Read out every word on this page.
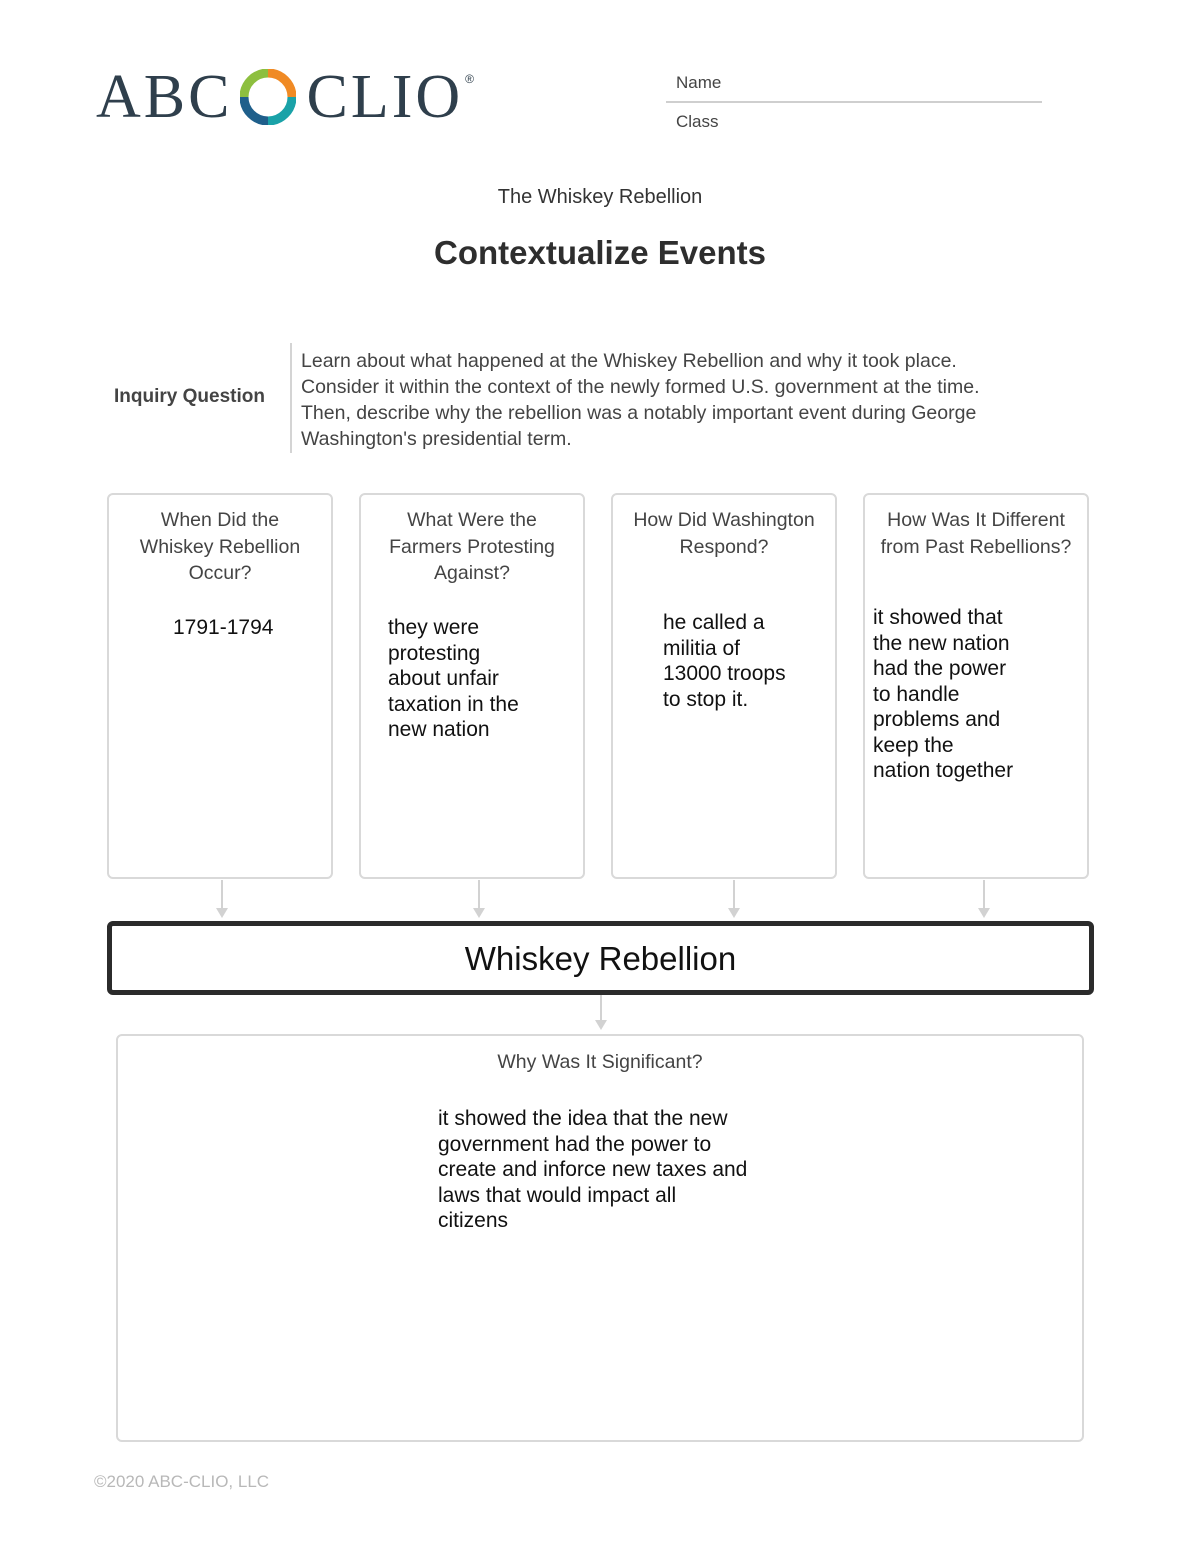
ABC CLIO ®	Name
Class
The Whiskey Rebellion
Contextualize Events
Inquiry Question
Learn about what happened at the Whiskey Rebellion and why it took place.
Consider it within the context of the newly formed U.S. government at the time.
Then, describe why the rebellion was a notably important event during George
Washington's presidential term.
When Did the
Whiskey Rebellion
Occur?
1791-1794
What Were the
Farmers Protesting
Against?
they were
protesting
about unfair
taxation in the
new nation
How Did Washington
Respond?
he called a
militia of
13000 troops
to stop it.
How Was It Different
from Past Rebellions?
it showed that
the new nation
had the power
to handle
problems and
keep the
nation together
Whiskey Rebellion
Why Was It Significant?
it showed the idea that the new
government had the power to
create and inforce new taxes and
laws that would impact all
citizens
©2020 ABC-CLIO, LLC
